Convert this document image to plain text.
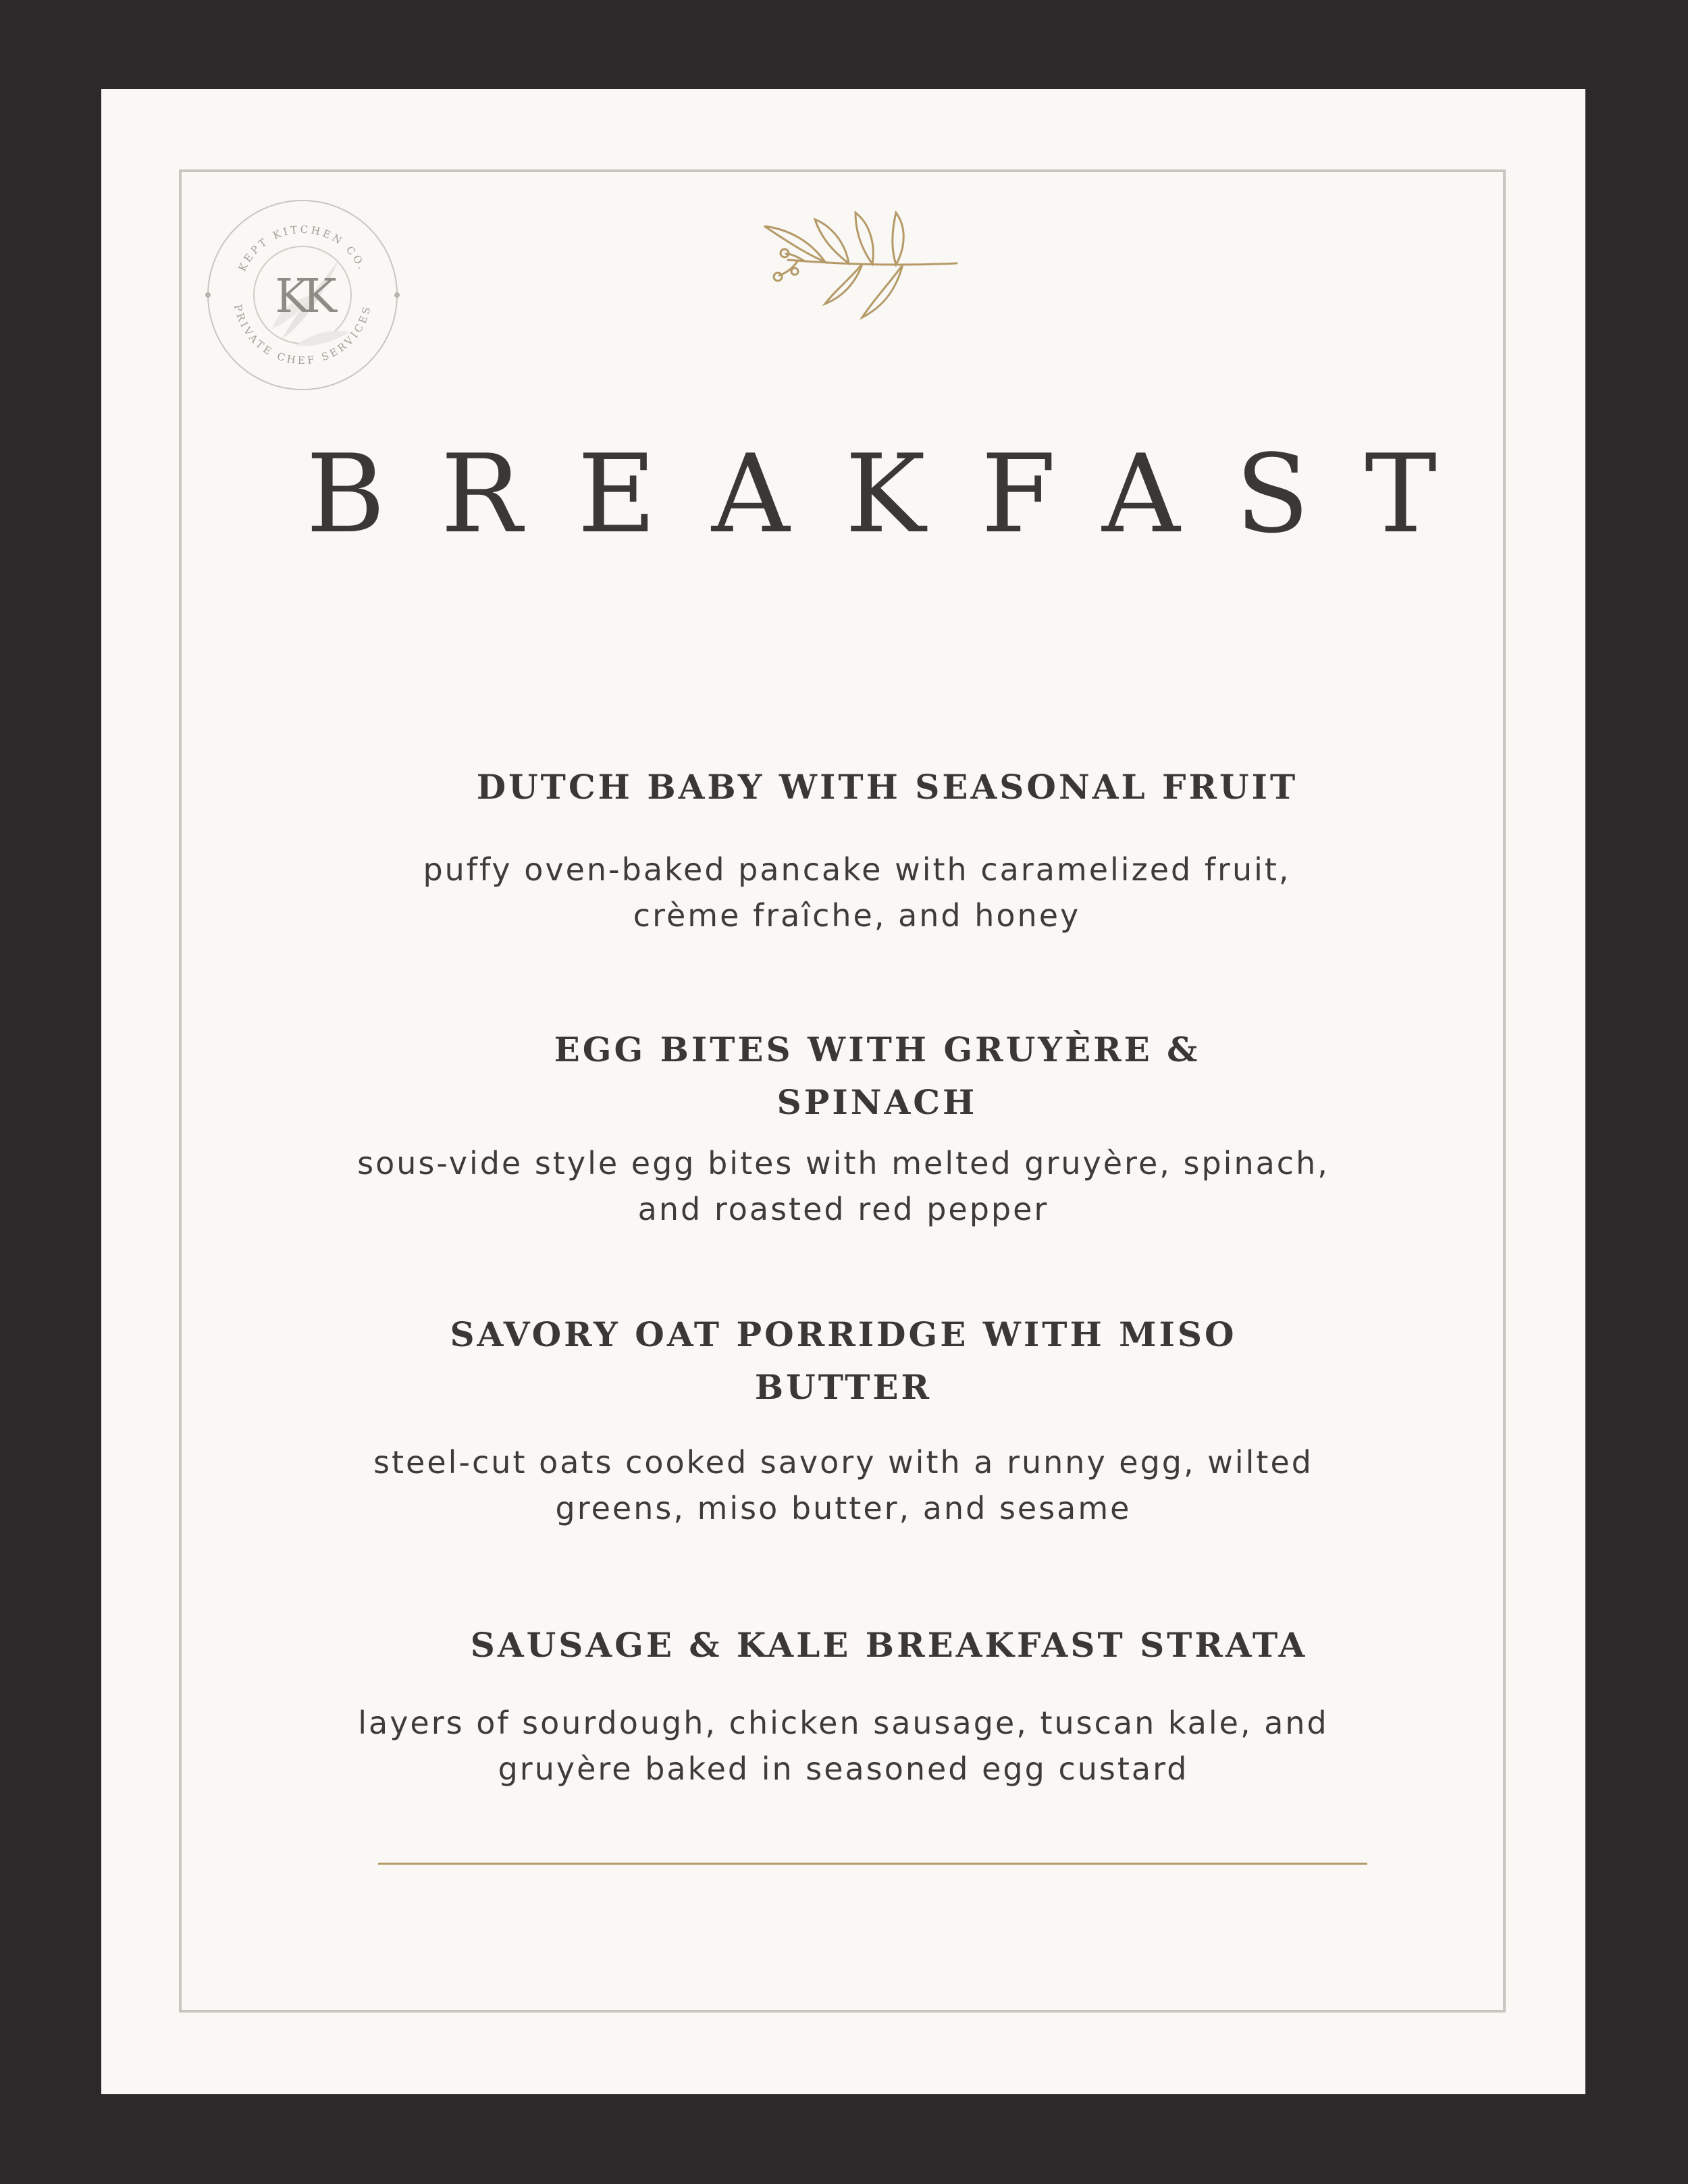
KK
KEPT KITCHEN CO.
PRIVATE CHEF SERVICES
BREAKFAST
DUTCH BABY WITH SEASONAL FRUIT
puffy oven-baked pancake with caramelized fruit,
crème fraîche, and honey
EGG BITES WITH GRUYÈRE &
SPINACH
sous-vide style egg bites with melted gruyère, spinach,
and roasted red pepper
SAVORY OAT PORRIDGE WITH MISO
BUTTER
steel-cut oats cooked savory with a runny egg, wilted
greens, miso butter, and sesame
SAUSAGE & KALE BREAKFAST STRATA
layers of sourdough, chicken sausage, tuscan kale, and
gruyère baked in seasoned egg custard
